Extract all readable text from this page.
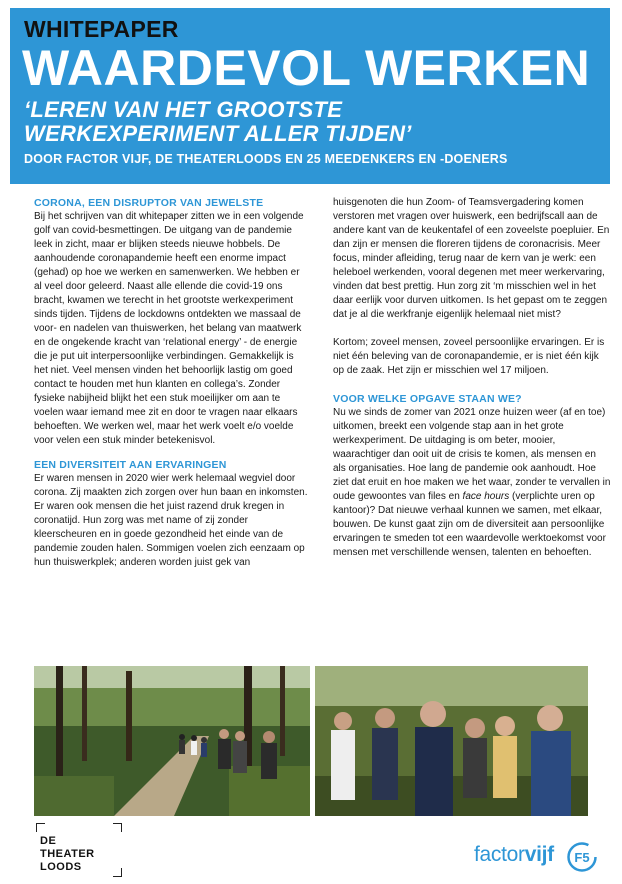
WHITEPAPER
WAARDEVOL WERKEN
‘LEREN VAN HET GROOTSTE
WERKEXPERIMENT ALLER TIJDEN’
DOOR FACTOR VIJF, DE THEATERLOODS EN 25 MEEDENKERS EN -DOENERS
CORONA, EEN DISRUPTOR VAN JEWELSTE

Bij het schrijven van dit whitepaper zitten we in een volgende golf van covid-besmettingen. De uitgang van de pandemie leek in zicht, maar er blijken steeds nieuwe hobbels. De aanhoudende coronapandemie heeft een enorme impact (gehad) op hoe we werken en samenwerken. We hebben er al veel door geleerd. Naast alle ellende die covid-19 ons bracht, kwamen we terecht in het grootste werkexperiment sinds tijden. Tijdens de lockdowns ontdekten we massaal de voor- en nadelen van thuiswerken, het belang van maatwerk en de ongekende kracht van ‘relational energy’ - de energie die je put uit interpersoonlijke verbindingen. Gemakkelijk is het niet. Veel mensen vinden het behoorlijk lastig om goed contact te houden met hun klanten en collega’s. Zonder fysieke nabijheid blijkt het een stuk moeilijker om aan te voelen waar iemand mee zit en door te vragen naar elkaars behoeften. We werken wel, maar het werk voelt e/o voelde voor velen een stuk minder betekenisvol.

EEN DIVERSITEIT AAN ERVARINGEN

Er waren mensen in 2020 wier werk helemaal wegviel door corona. Zij maakten zich zorgen over hun baan en inkomsten. Er waren ook mensen die het juist razend druk kregen in coronatijd. Hun zorg was met name of zij zonder kleerscheuren en in goede gezondheid het einde van de pandemie zouden halen. Sommigen voelen zich eenzaam op hun thuiswerkplek; anderen worden juist gek van

huisgenoten die hun Zoom- of Teamsvergadering komen verstoren met vragen over huiswerk, een bedrijfscall aan de andere kant van de keukentafel of een zoveelste poepluier. En dan zijn er mensen die floreren tijdens de coronacrisis. Meer focus, minder afleiding, terug naar de kern van je werk: een heleboel werkenden, vooral degenen met meer werkervaring, vinden dat best prettig. Hun zorg zit ‘m misschien wel in het daar eerlijk voor durven uitkomen. Is het gepast om te zeggen dat je al die werkfranje eigenlijk helemaal niet mist?

Kortom; zoveel mensen, zoveel persoonlijke ervaringen. Er is niet één beleving van de coronapandemie, er is niet één kijk op de zaak. Het zijn er misschien wel 17 miljoen.

VOOR WELKE OPGAVE STAAN WE?

Nu we sinds de zomer van 2021 onze huizen weer (af en toe) uitkomen, breekt een volgende stap aan in het grote werkexperiment. De uitdaging is om beter, mooier, waarachtiger dan ooit uit de crisis te komen, als mensen en als organisaties. Hoe lang de pandemie ook aanhoudt. Hoe ziet dat eruit en hoe maken we het waar, zonder te vervallen in oude gewoontes van files en face hours (verplichte uren op kantoor)? Dat nieuwe verhaal kunnen we samen, met elkaar, bouwen. De kunst gaat zijn om de diversiteit aan persoonlijke ervaringen te smeden tot een waardevolle werktoekomst voor mensen met verschillende wensen, talenten en behoeften.

DE
THEATER
LOODS
factorvijf F5
